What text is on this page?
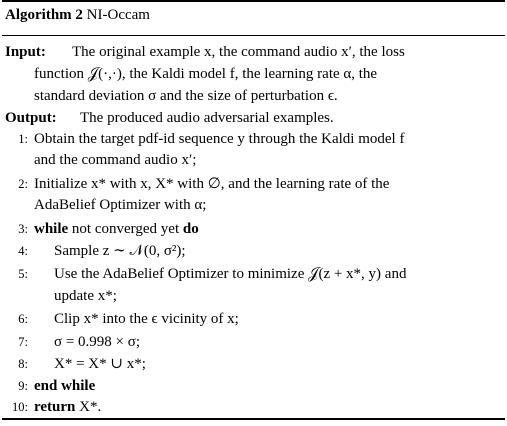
Algorithm 2 NI-Occam
Input: The original example x, the command audio x′, the loss
function 𝒥(·,·), the Kaldi model f, the learning rate α, the
standard deviation σ and the size of perturbation ϵ.
Output: The produced audio adversarial examples.
1: Obtain the target pdf-id sequence y through the Kaldi model f
and the command audio x′;
2: Initialize x* with x, X* with ∅, and the learning rate of the
AdaBelief Optimizer with α;
3: while not converged yet do
4: Sample z ∼ 𝒩(0, σ²);
5: Use the AdaBelief Optimizer to minimize 𝒥(z + x*, y) and
update x*;
6: Clip x* into the ϵ vicinity of x;
7: σ = 0.998 × σ;
8: X* = X* ∪ x*;
9: end while
10: return X*.
